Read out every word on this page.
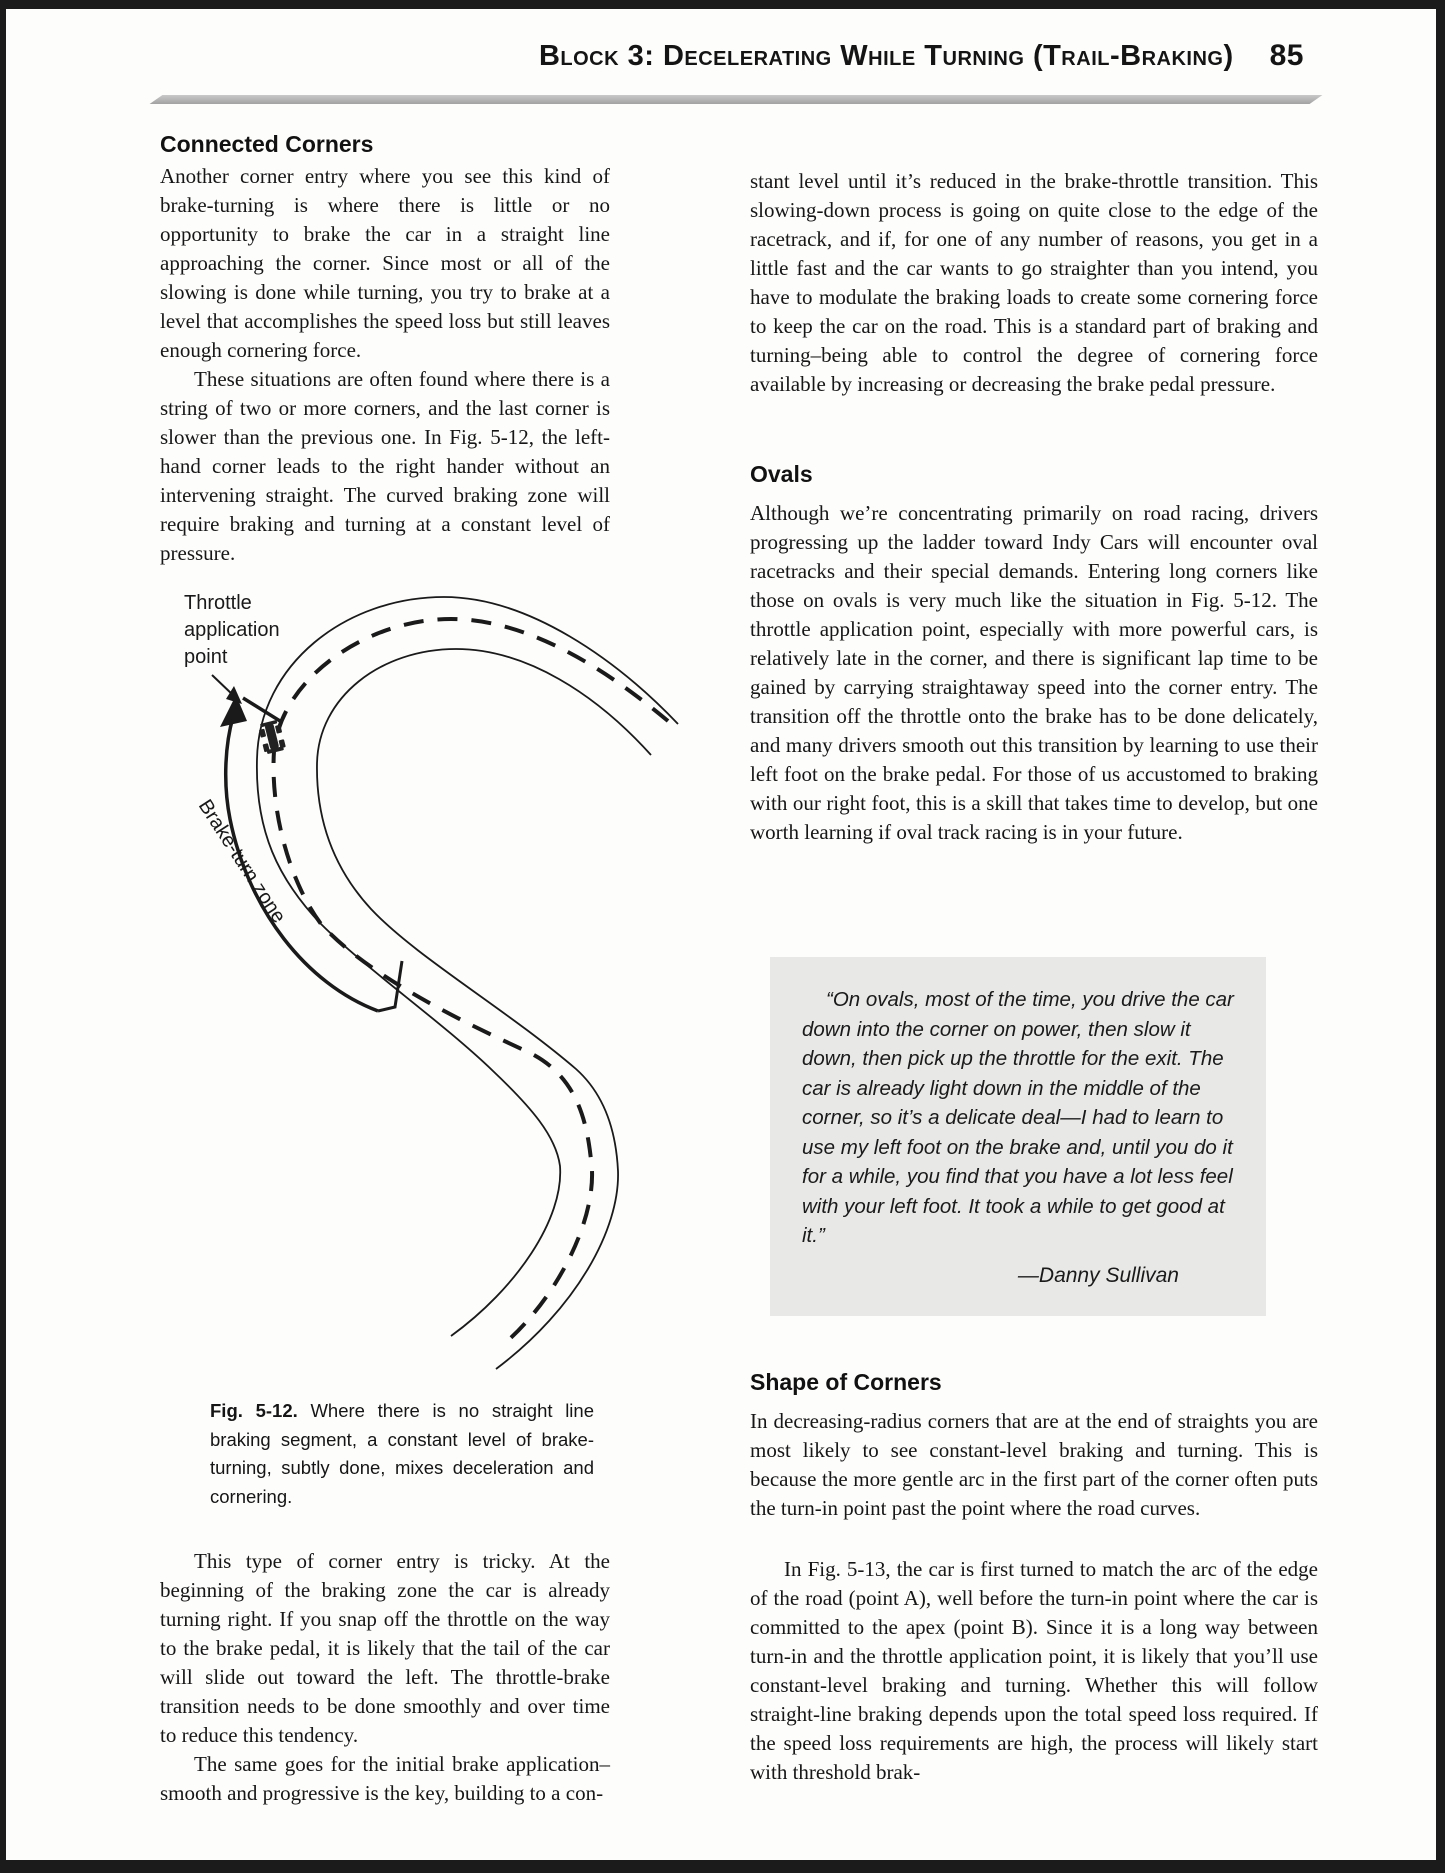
Block 3: Decelerating While Turning (Trail-Braking) 85
Connected Corners

Another corner entry where you see this kind of brake-turning is where there is little or no opportunity to brake the car in a straight line approaching the corner. Since most or all of the slowing is done while turning, you try to brake at a level that accomplishes the speed loss but still leaves enough cornering force.

These situations are often found where there is a string of two or more corners, and the last corner is slower than the previous one. In Fig. 5-12, the left-hand corner leads to the right hander without an intervening straight. The curved braking zone will require braking and turning at a constant level of pressure.

Throttle
application
point
Brake-turn zone
Fig. 5-12. Where there is no straight line braking segment, a constant level of brake-turning, subtly done, mixes deceleration and cornering.

This type of corner entry is tricky. At the beginning of the braking zone the car is already turning right. If you snap off the throttle on the way to the brake pedal, it is likely that the tail of the car will slide out toward the left. The throttle-brake transition needs to be done smoothly and over time to reduce this tendency.

The same goes for the initial brake application–smooth and progressive is the key, building to a con-

stant level until it’s reduced in the brake-throttle transition. This slowing-down process is going on quite close to the edge of the racetrack, and if, for one of any number of reasons, you get in a little fast and the car wants to go straighter than you intend, you have to modulate the braking loads to create some cornering force to keep the car on the road. This is a standard part of braking and turning–being able to control the degree of cornering force available by increasing or decreasing the brake pedal pressure.

Ovals

Although we’re concentrating primarily on road racing, drivers progressing up the ladder toward Indy Cars will encounter oval racetracks and their special demands. Entering long corners like those on ovals is very much like the situation in Fig. 5-12. The throttle application point, especially with more powerful cars, is relatively late in the corner, and there is significant lap time to be gained by carrying straightaway speed into the corner entry. The transition off the throttle onto the brake has to be done delicately, and many drivers smooth out this transition by learning to use their left foot on the brake pedal. For those of us accustomed to braking with our right foot, this is a skill that takes time to develop, but one worth learning if oval track racing is in your future.

“On ovals, most of the time, you drive the car down into the corner on power, then slow it down, then pick up the throttle for the exit. The car is already light down in the middle of the corner, so it’s a delicate deal—I had to learn to use my left foot on the brake and, until you do it for a while, you find that you have a lot less feel with your left foot. It took a while to get good at it.”

—Danny Sullivan

Shape of Corners

In decreasing-radius corners that are at the end of straights you are most likely to see constant-level braking and turning. This is because the more gentle arc in the first part of the corner often puts the turn-in point past the point where the road curves.

In Fig. 5-13, the car is first turned to match the arc of the edge of the road (point A), well before the turn-in point where the car is committed to the apex (point B). Since it is a long way between turn-in and the throttle application point, it is likely that you’ll use constant-level braking and turning. Whether this will follow straight-line braking depends upon the total speed loss required. If the speed loss requirements are high, the process will likely start with threshold brak-
